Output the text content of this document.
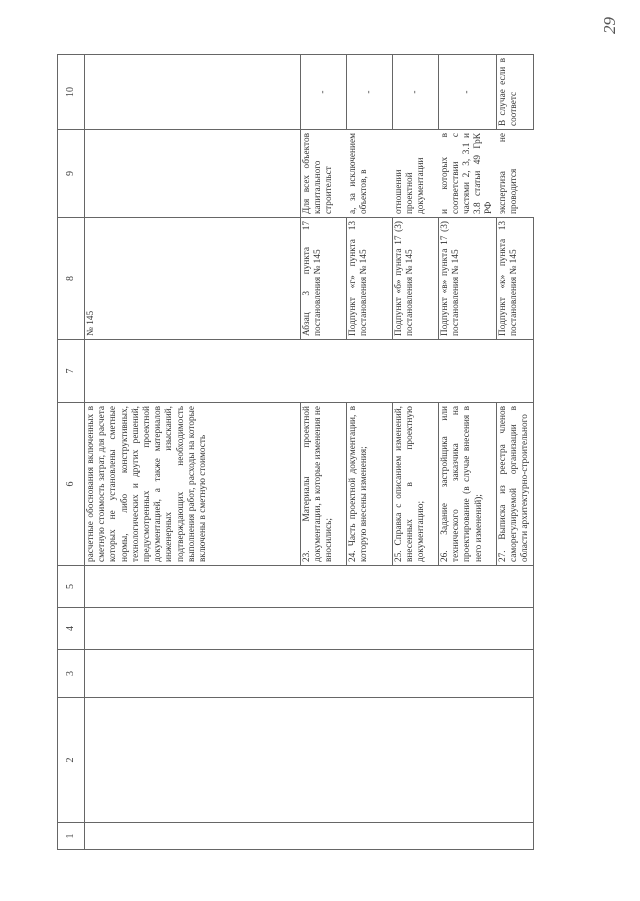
29
1	2	3	4	5	6	7	8	9	10
					расчетные обоснования включенных в сметную стоимость затрат, для расчета которых не установлены сметные нормы, либо конструктивных, технологических и других решений, предусмотренных проектной документацией, а также материалов инженерных изысканий, подтверждающих необходимость выполнения работ, расходы на которые включены в сметную стоимость		№ 145		
					23. Материалы проектной документации, в которые изменения не вносились;		Абзац 3 пункта 17 постановления № 145	Для всех объектов капитального строительст	-
					24. Часть проектной документации, в которую внесены изменения;		Подпункт «г» пункта 13 постановления № 145	а, за исключением объектов, в	-
					25. Справка с описанием изменений, внесенных в проектную документацию;		Подпункт «б» пункта 17 (3) постановления № 145	отношении проектной документации	-
					26. Задание застройщика или технического заказчика на проектирование (в случае внесения в него изменений);		Подпункт «в» пункта 17 (3) постановления № 145	и которых в соответствии с частями 2, 3, 3.1 и 3.8 статьи 49 ГрК РФ	-
					27. Выписка из реестра членов саморегулируемой организации в области архитектурно-строительного		Подпункт «к» пункта 13 постановления № 145	экспертиза не проводится	В случае если в соответс
